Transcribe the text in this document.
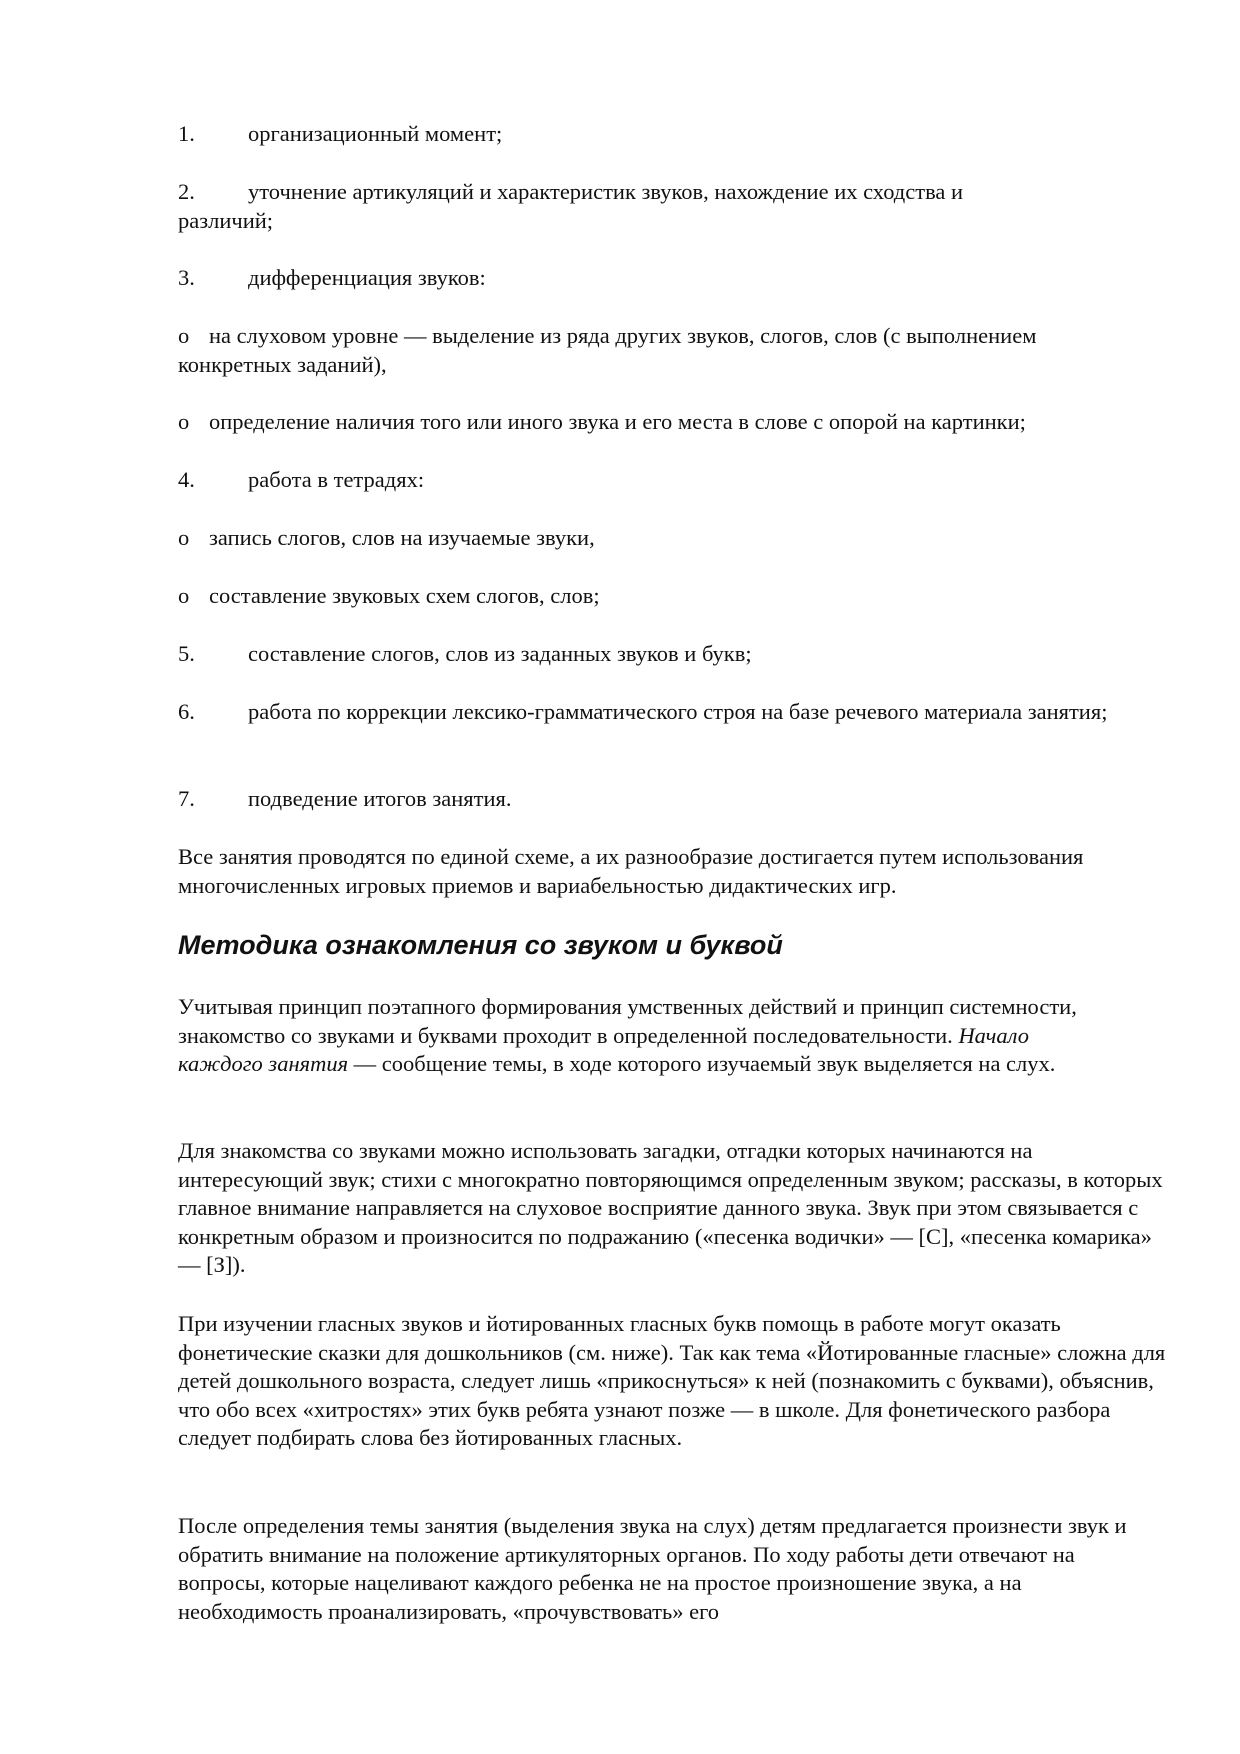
1. организационный момент;

2. уточнение артикуляций и характеристик звуков, нахождение их сходства и различий;

3. дифференциация звуков:

o на слуховом уровне — выделение из ряда других звуков, слогов, слов (с выполнением конкретных заданий),

o определение наличия того или иного звука и его места в слове с опорой на картинки;

4. работа в тетрадях:

o запись слогов, слов на изучаемые звуки,

o составление звуковых схем слогов, слов;

5. составление слогов, слов из заданных звуков и букв;

6. работа по коррекции лексико-грамматического строя на базе речевого материала занятия;

7. подведение итогов занятия.

Все занятия проводятся по единой схеме, а их разнообразие достигается путем использования многочисленных игровых приемов и вариабельностью дидактических игр.

Методика ознакомления со звуком и буквой

Учитывая принцип поэтапного формирования умственных действий и принцип системности, знакомство со звуками и буквами проходит в определенной последовательности. Начало каждого занятия — сообщение темы, в ходе которого изучаемый звук выделяется на слух.

Для знакомства со звуками можно использовать загадки, отгадки которых начинаются на интересующий звук; стихи с многократно повторяющимся определенным звуком; рассказы, в которых главное внимание направляется на слуховое восприятие данного звука. Звук при этом связывается с конкретным образом и произносится по подражанию («песенка водички» — [С], «песенка комарика» — [З]).

При изучении гласных звуков и йотированных гласных букв помощь в работе могут оказать фонетические сказки для дошкольников (см. ниже). Так как тема «Йотированные гласные» сложна для детей дошкольного возраста, следует лишь «прикоснуться» к ней (познакомить с буквами), объяснив, что обо всех «хитростях» этих букв ребята узнают позже — в школе. Для фонетического разбора следует подбирать слова без йотированных гласных.

После определения темы занятия (выделения звука на слух) детям предлагается произнести звук и обратить внимание на положение артикуляторных органов. По ходу работы дети отвечают на вопросы, которые нацеливают каждого ребенка не на простое произношение звука, а на необходимость проанализировать, «прочувствовать» его
